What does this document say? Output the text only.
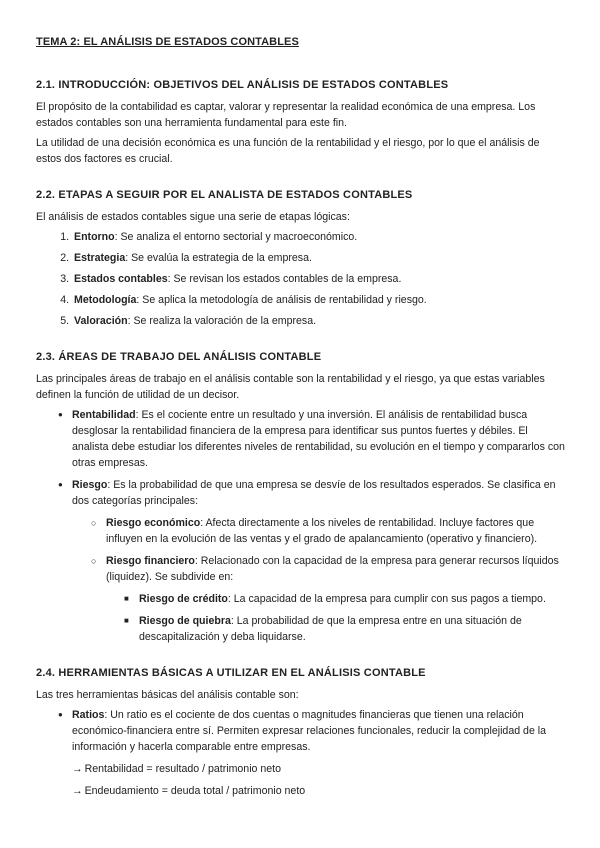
TEMA 2: EL ANÁLISIS DE ESTADOS CONTABLES
2.1. INTRODUCCIÓN: OBJETIVOS DEL ANÁLISIS DE ESTADOS CONTABLES

El propósito de la contabilidad es captar, valorar y representar la realidad económica de una empresa. Los estados contables son una herramienta fundamental para este fin.

La utilidad de una decisión económica es una función de la rentabilidad y el riesgo, por lo que el análisis de estos dos factores es crucial.

2.2. ETAPAS A SEGUIR POR EL ANALISTA DE ESTADOS CONTABLES

El análisis de estados contables sigue una serie de etapas lógicas:

1. Entorno: Se analiza el entorno sectorial y macroeconómico.
2. Estrategia: Se evalúa la estrategia de la empresa.
3. Estados contables: Se revisan los estados contables de la empresa.
4. Metodología: Se aplica la metodología de análisis de rentabilidad y riesgo.
5. Valoración: Se realiza la valoración de la empresa.
2.3. ÁREAS DE TRABAJO DEL ANÁLISIS CONTABLE

Las principales áreas de trabajo en el análisis contable son la rentabilidad y el riesgo, ya que estas variables definen la función de utilidad de un decisor.

● Rentabilidad: Es el cociente entre un resultado y una inversión. El análisis de rentabilidad busca desglosar la rentabilidad financiera de la empresa para identificar sus puntos fuertes y débiles. El analista debe estudiar los diferentes niveles de rentabilidad, su evolución en el tiempo y compararlos con otras empresas.
● Riesgo: Es la probabilidad de que una empresa se desvíe de los resultados esperados. Se clasifica en dos categorías principales:
○ Riesgo económico: Afecta directamente a los niveles de rentabilidad. Incluye factores que influyen en la evolución de las ventas y el grado de apalancamiento (operativo y financiero).
○ Riesgo financiero: Relacionado con la capacidad de la empresa para generar recursos líquidos (liquidez). Se subdivide en:
■ Riesgo de crédito: La capacidad de la empresa para cumplir con sus pagos a tiempo.
■ Riesgo de quiebra: La probabilidad de que la empresa entre en una situación de descapitalización y deba liquidarse.
2.4. HERRAMIENTAS BÁSICAS A UTILIZAR EN EL ANÁLISIS CONTABLE

Las tres herramientas básicas del análisis contable son:

● Ratios: Un ratio es el cociente de dos cuentas o magnitudes financieras que tienen una relación económico-financiera entre sí. Permiten expresar relaciones funcionales, reducir la complejidad de la información y hacerla comparable entre empresas.
→ Rentabilidad = resultado / patrimonio neto
→ Endeudamiento = deuda total / patrimonio neto
